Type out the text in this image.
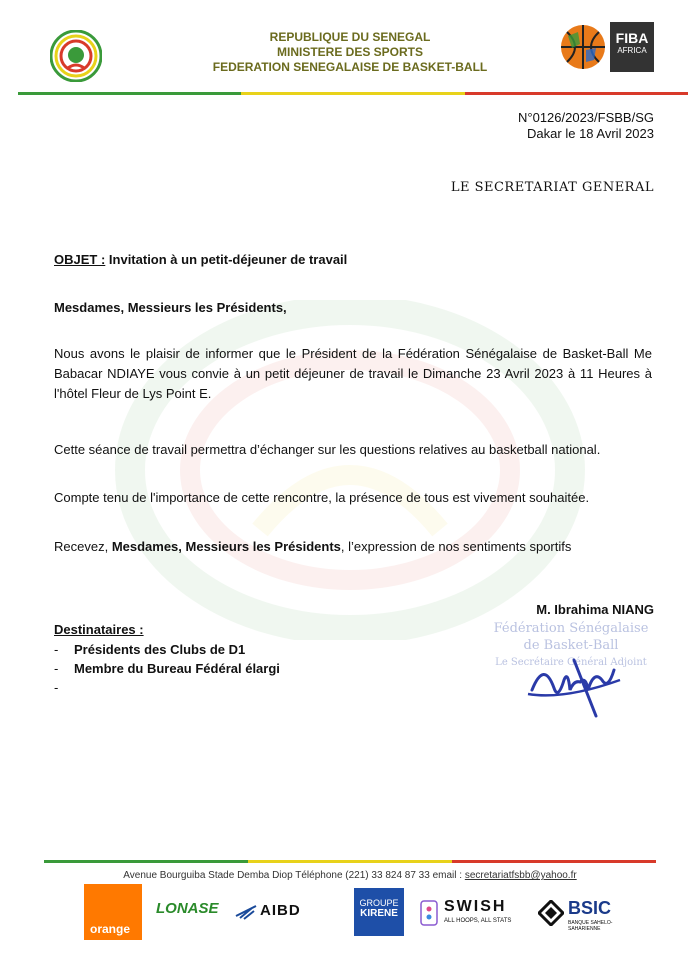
REPUBLIQUE DU SENEGAL
MINISTERE DES SPORTS
FEDERATION SENEGALAISE DE BASKET-BALL
FIBA
AFRICA
N°0126/2023/FSBB/SG
Dakar le 18 Avril 2023
LE SECRETARIAT GENERAL
OBJET : Invitation à un petit-déjeuner de travail
Mesdames, Messieurs les Présidents,
Nous avons le plaisir de informer que le Président de la Fédération Sénégalaise de Basket-Ball Me Babacar NDIAYE vous convie à un petit déjeuner de travail le Dimanche 23 Avril 2023 à 11 Heures à l'hôtel Fleur de Lys Point E.
Cette séance de travail permettra d’échanger sur les questions relatives au basketball national.
Compte tenu de l'importance de cette rencontre, la présence de tous est vivement souhaitée.
Recevez, Mesdames, Messieurs les Présidents, l’expression de nos sentiments sportifs
M. Ibrahima NIANG
Fédération Sénégalaise
de Basket-Ball
Le Secrétaire Général Adjoint
Destinataires :
-	Présidents des Clubs de D1
-	Membre du Bureau Fédéral élargi
-
Avenue Bourguiba Stade Demba Diop Téléphone (221) 33 824 87 33 email : secretariatfsbb@yahoo.fr
orange
LONASE	AIBD	GROUPE
KIRENE	SWISH
ALL HOOPS, ALL STATS
BSIC
BANQUE SAHELO-SAHARIENNE
